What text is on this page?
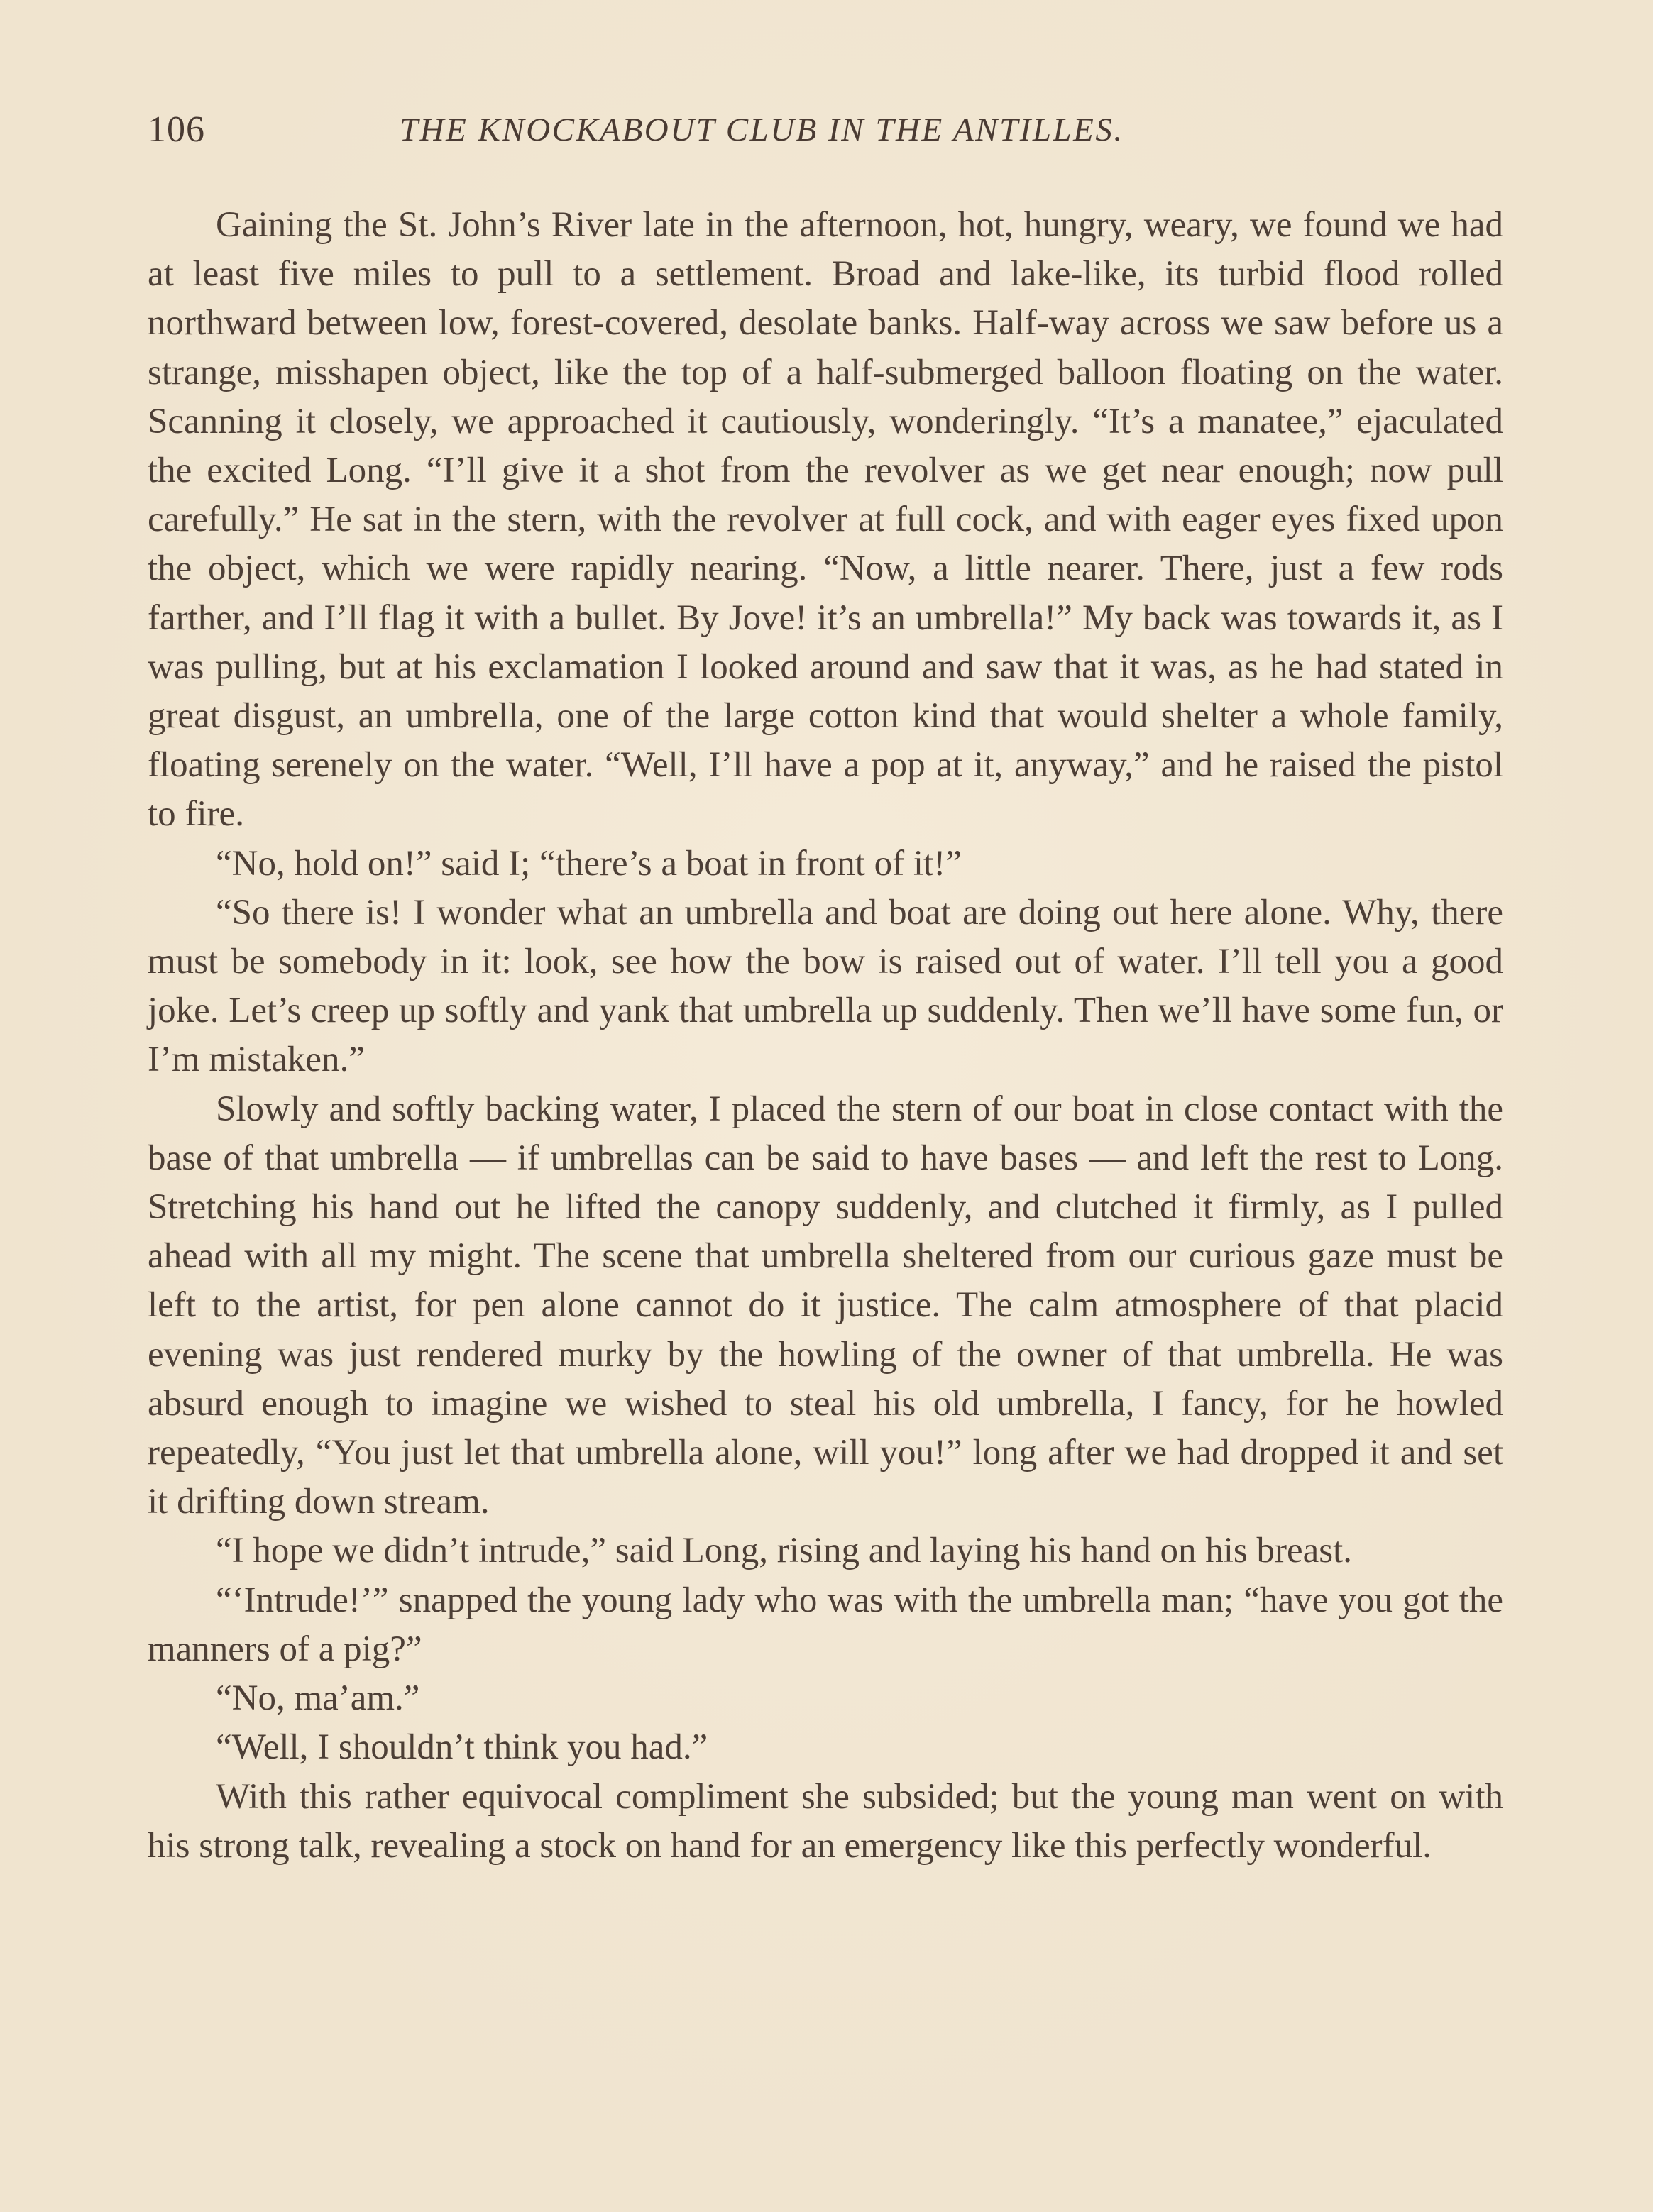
106	THE KNOCKABOUT CLUB IN THE ANTILLES.

Gaining the St. John’s River late in the afternoon, hot, hungry, weary, we found we had at least five miles to pull to a settlement. Broad and lake-like, its turbid flood rolled northward between low, forest-covered, desolate banks. Half-way across we saw before us a strange, misshapen object, like the top of a half-submerged balloon floating on the water. Scanning it closely, we approached it cautiously, wonderingly. “It’s a manatee,” ejaculated the excited Long. “I’ll give it a shot from the revolver as we get near enough; now pull carefully.” He sat in the stern, with the revolver at full cock, and with eager eyes fixed upon the object, which we were rapidly nearing. “Now, a little nearer. There, just a few rods farther, and I’ll flag it with a bullet. By Jove! it’s an umbrella!” My back was towards it, as I was pulling, but at his exclamation I looked around and saw that it was, as he had stated in great disgust, an umbrella, one of the large cotton kind that would shelter a whole family, floating serenely on the water. “Well, I’ll have a pop at it, anyway,” and he raised the pistol to fire.

“No, hold on!” said I; “there’s a boat in front of it!”

“So there is! I wonder what an umbrella and boat are doing out here alone. Why, there must be somebody in it: look, see how the bow is raised out of water. I’ll tell you a good joke. Let’s creep up softly and yank that umbrella up suddenly. Then we’ll have some fun, or I’m mistaken.”

Slowly and softly backing water, I placed the stern of our boat in close contact with the base of that umbrella — if umbrellas can be said to have bases — and left the rest to Long. Stretching his hand out he lifted the canopy suddenly, and clutched it firmly, as I pulled ahead with all my might. The scene that umbrella sheltered from our curious gaze must be left to the artist, for pen alone cannot do it justice. The calm atmosphere of that placid evening was just rendered murky by the howling of the owner of that umbrella. He was absurd enough to imagine we wished to steal his old umbrella, I fancy, for he howled repeatedly, “You just let that umbrella alone, will you!” long after we had dropped it and set it drifting down stream.

“I hope we didn’t intrude,” said Long, rising and laying his hand on his breast.

“‘Intrude!’” snapped the young lady who was with the umbrella man; “have you got the manners of a pig?”

“No, ma’am.”

“Well, I shouldn’t think you had.”

With this rather equivocal compliment she subsided; but the young man went on with his strong talk, revealing a stock on hand for an emergency like this perfectly wonderful.
